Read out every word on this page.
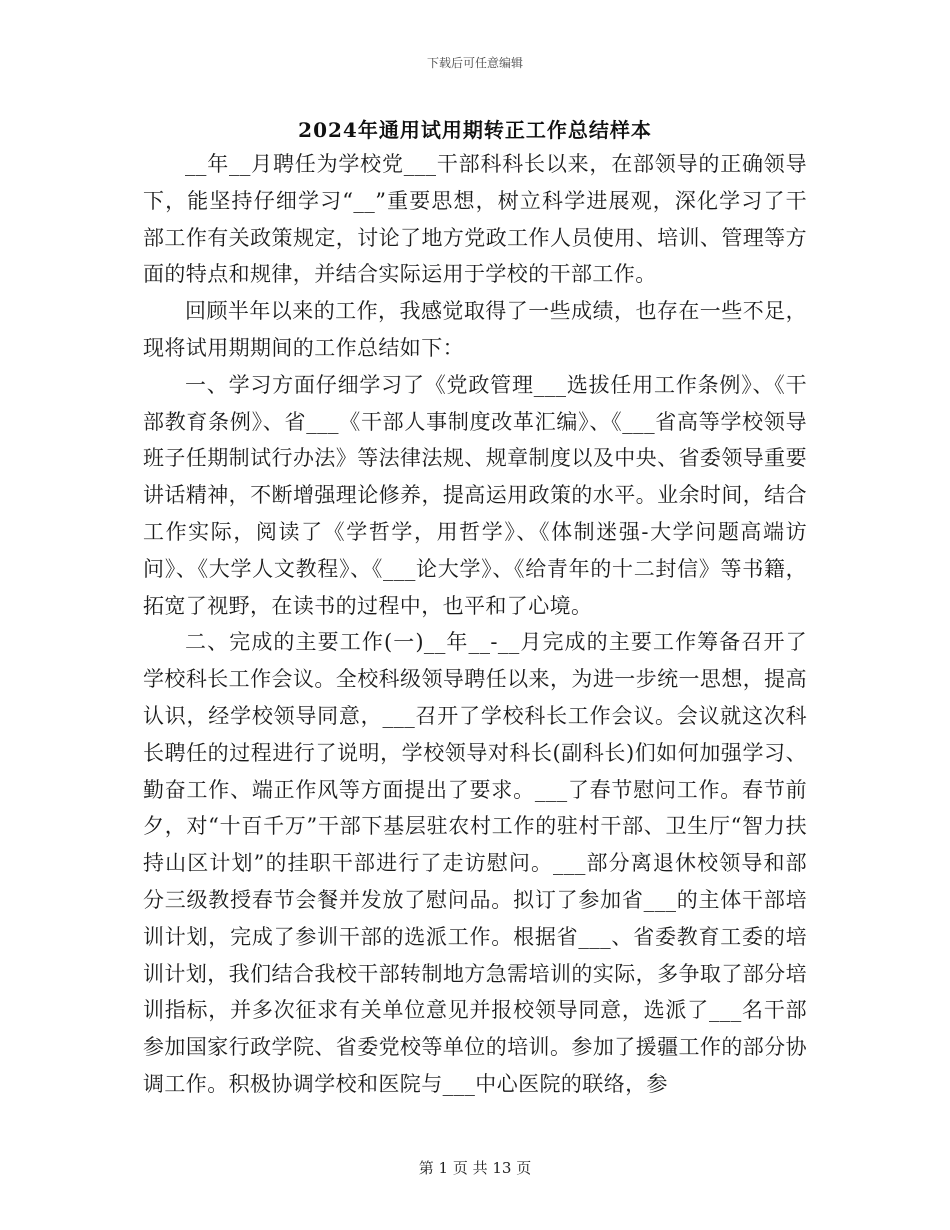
下载后可任意编辑
2024年通用试用期转正工作总结样本

__年__月聘任为学校党___干部科科长以来，在部领导的正确领导下，能坚持仔细学习“__”重要思想，树立科学进展观，深化学习了干部工作有关政策规定，讨论了地方党政工作人员使用、培训、管理等方面的特点和规律，并结合实际运用于学校的干部工作。

回顾半年以来的工作，我感觉取得了一些成绩，也存在一些不足，现将试用期期间的工作总结如下：

一、学习方面仔细学习了《党政管理___选拔任用工作条例》、《干部教育条例》、省___《干部人事制度改革汇编》、《___省高等学校领导班子任期制试行办法》等法律法规、规章制度以及中央、省委领导重要讲话精神，不断增强理论修养，提高运用政策的水平。业余时间，结合工作实际，阅读了《学哲学，用哲学》、《体制迷强-大学问题高端访问》、《大学人文教程》、《___论大学》、《给青年的十二封信》等书籍，拓宽了视野，在读书的过程中，也平和了心境。

二、完成的主要工作(一)__年__-__月完成的主要工作筹备召开了学校科长工作会议。全校科级领导聘任以来，为进一步统一思想，提高认识，经学校领导同意，___召开了学校科长工作会议。会议就这次科长聘任的过程进行了说明，学校领导对科长(副科长)们如何加强学习、勤奋工作、端正作风等方面提出了要求。___了春节慰问工作。春节前夕，对“十百千万”干部下基层驻农村工作的驻村干部、卫生厅“智力扶持山区计划”的挂职干部进行了走访慰问。___部分离退休校领导和部分三级教授春节会餐并发放了慰问品。拟订了参加省___的主体干部培训计划，完成了参训干部的选派工作。根据省___、省委教育工委的培训计划，我们结合我校干部转制地方急需培训的实际，多争取了部分培训指标，并多次征求有关单位意见并报校领导同意，选派了___名干部参加国家行政学院、省委党校等单位的培训。参加了援疆工作的部分协调工作。积极协调学校和医院与___中心医院的联络，参

第 1 页 共 13 页
